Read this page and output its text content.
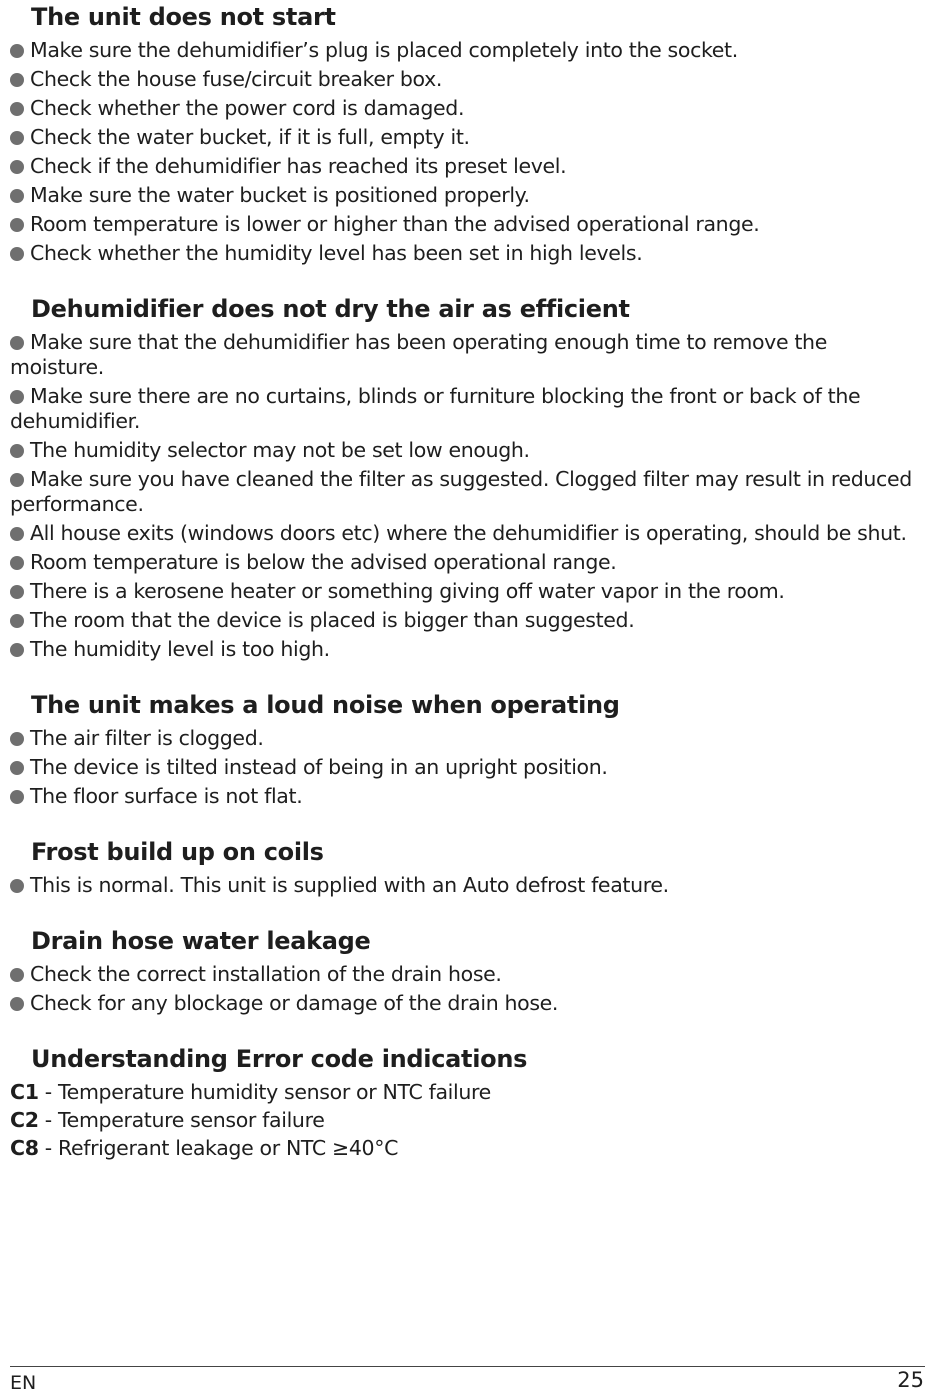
The unit does not start
Make sure the dehumidifier’s plug is placed completely into the socket.
Check the house fuse/circuit breaker box.
Check whether the power cord is damaged.
Check the water bucket, if it is full, empty it.
Check if the dehumidifier has reached its preset level.
Make sure the water bucket is positioned properly.
Room temperature is lower or higher than the advised operational range.
Check whether the humidity level has been set in high levels.
Dehumidifier does not dry the air as efficient
Make sure that the dehumidifier has been operating enough time to remove the moisture.
Make sure there are no curtains, blinds or furniture blocking the front or back of the dehumidifier.
The humidity selector may not be set low enough.
Make sure you have cleaned the filter as suggested. Clogged filter may result in reduced performance.
All house exits (windows doors etc) where the dehumidifier is operating, should be shut.
Room temperature is below the advised operational range.
There is a kerosene heater or something giving off water vapor in the room.
The room that the device is placed is bigger than suggested.
The humidity level is too high.
The unit makes a loud noise when operating
The air filter is clogged.
The device is tilted instead of being in an upright position.
The floor surface is not flat.
Frost build up on coils
This is normal. This unit is supplied with an Auto defrost feature.
Drain hose water leakage
Check the correct installation of the drain hose.
Check for any blockage or damage of the drain hose.
Understanding Error code indications
C1 - Temperature humidity sensor or NTC failure
C2 - Temperature sensor failure
C8 - Refrigerant leakage or NTC ≥40°C
EN	25
